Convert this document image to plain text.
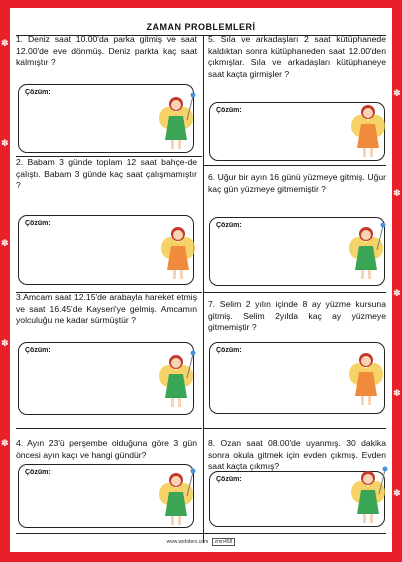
ZAMAN PROBLEMLERİ

1. Deniz saat 10.00'da parka gitmiş ve saat 12.00'de eve dönmüş. Deniz parkta kaç saat kalmıştır ?

Çözüm:

2. Babam 3 günde toplam 12 saat bahçe-de çalıştı. Babam 3 günde kaç saat çalışmamıştır ?

Çözüm:

3.Amcam saat 12.15'de arabayla hareket etmiş ve saat 16.45'de Kayseri'ye gelmiş. Amcamın yolculuğu ne kadar sürmüştür ?

Çözüm:

4. Ayın 23'ü perşembe olduğuna göre 3 gün öncesi ayın kaçı ve hangi gündür?

Çözüm:

5. Sıla ve arkadaşları 2 saat kütüphanede kaldıktan sonra kütüphaneden saat 12.00'den çıkmışlar. Sıla ve arkadaşları kütüphaneye saat kaçta girmişler ?

Çözüm:

6. Uğur bir ayın 16 günü yüzmeye gitmiş. Uğur kaç gün yüzmeye gitmemiştir ?

Çözüm:

7. Selim 2 yılın içinde 8 ay yüzme kursuna gitmiş. Selim 2yılda kaç ay yüzmeye gitmemiştir ?

Çözüm:

8. Ozan saat 08.00'de uyanmış. 30 dakika sonra okula gitmek için evden çıkmış. Evden saat kaçta çıkmış?

Çözüm:
www.webders.com zmn458
✽
✽
✽
✽
✽
✽
✽
✽
✽
✽
